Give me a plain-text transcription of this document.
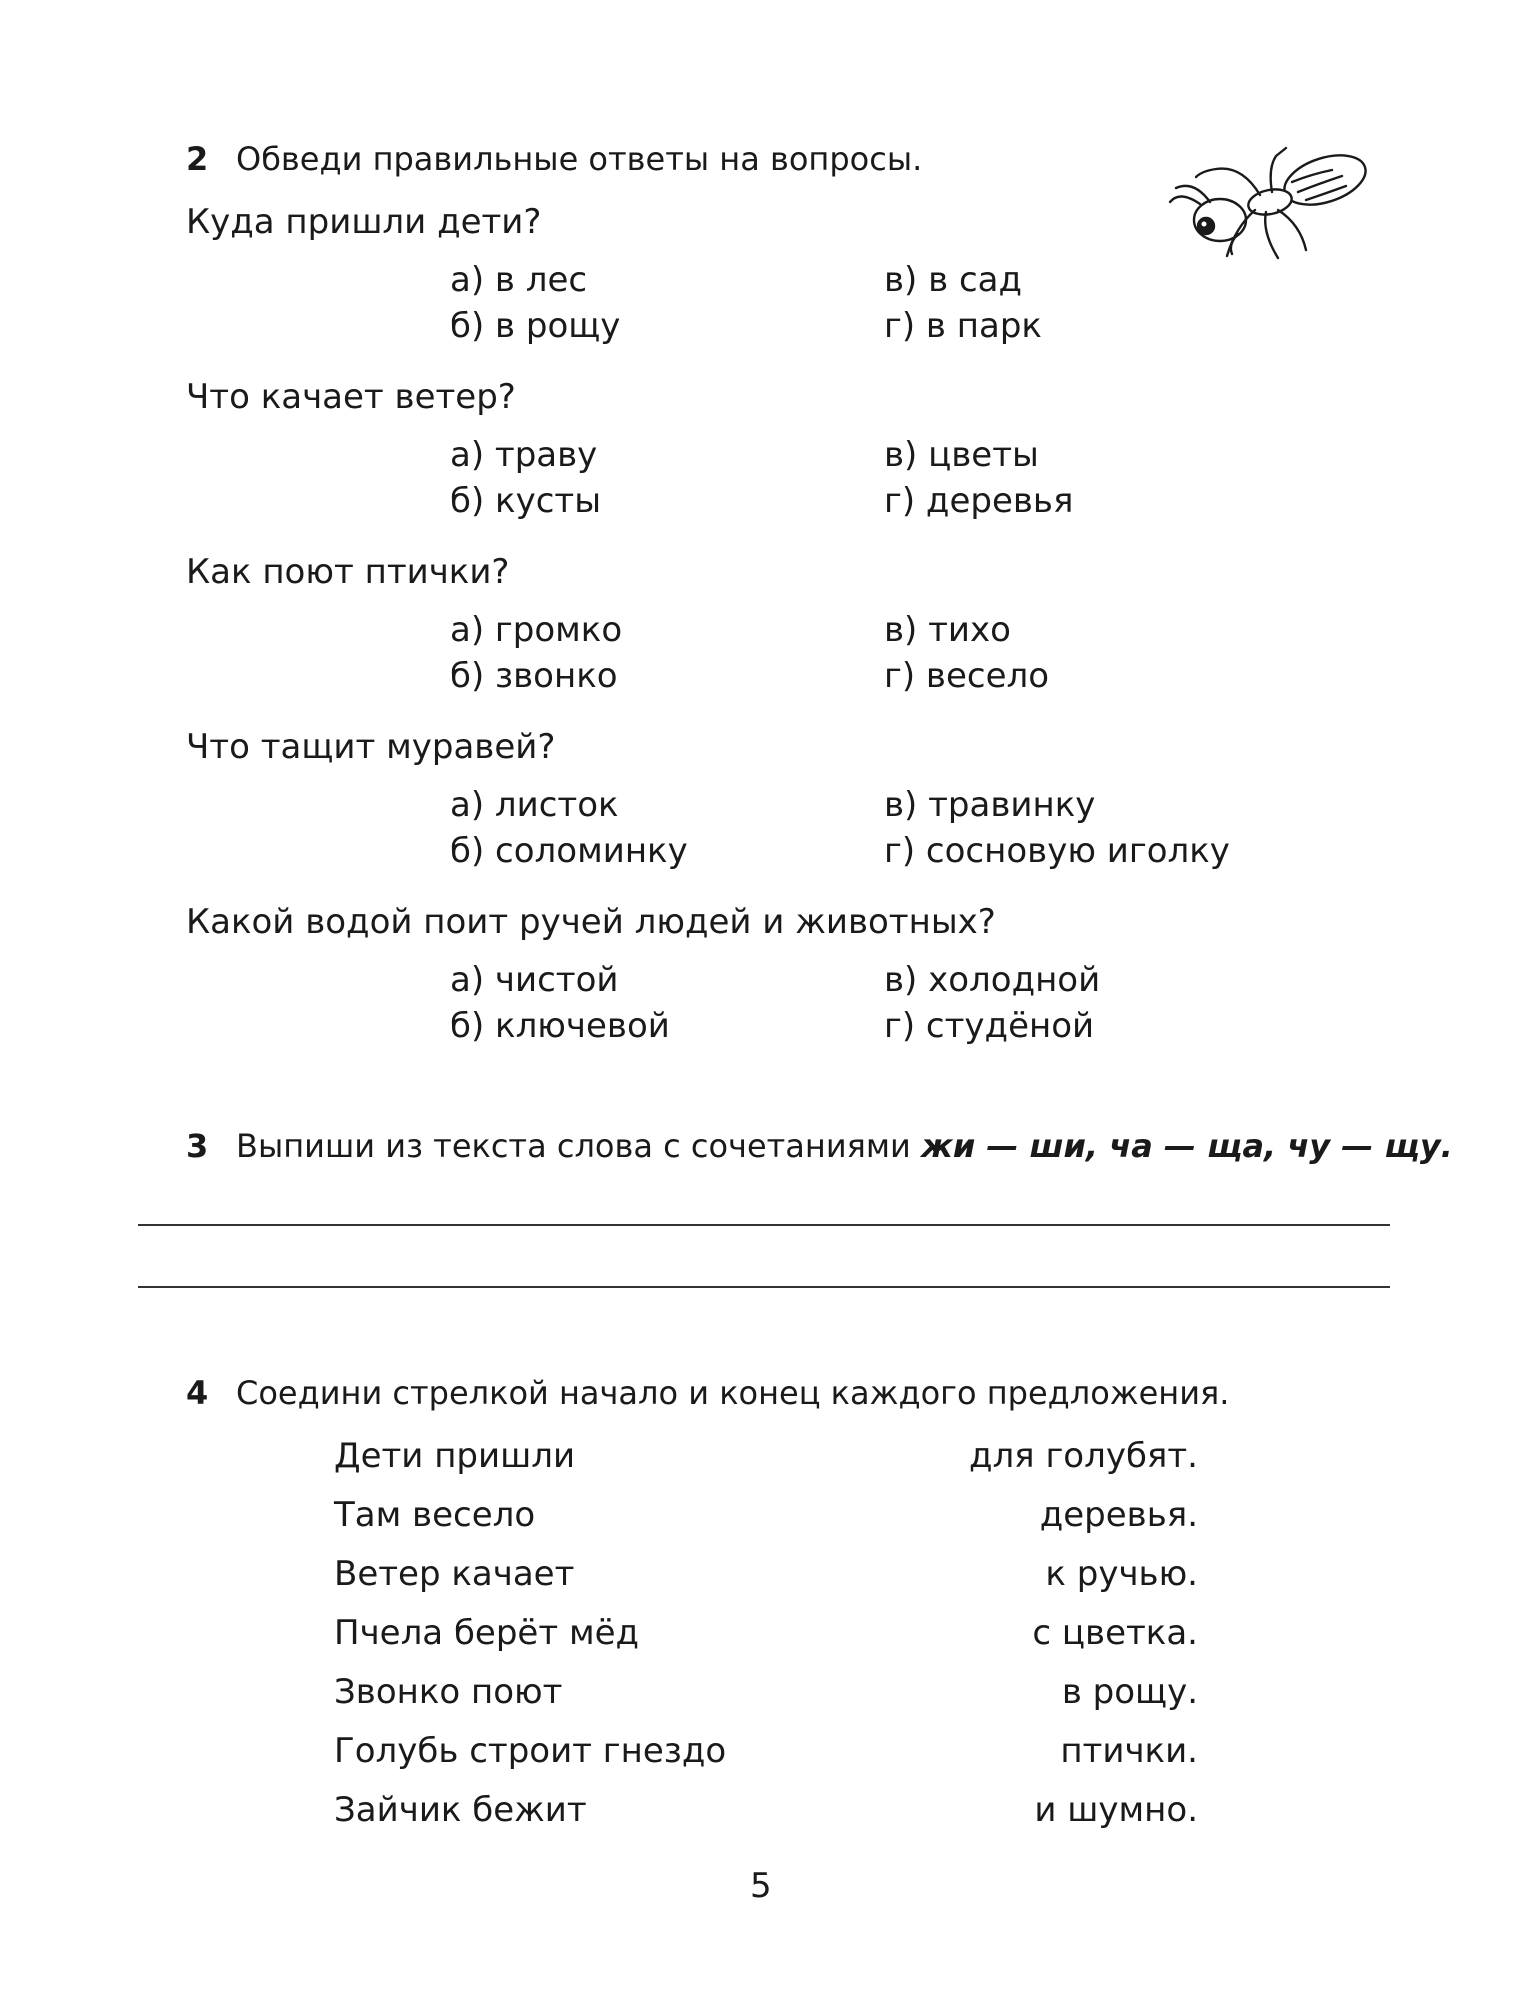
2 Обведи правильные ответы на вопросы.
Куда пришли дети?
а) в лес
б) в рощу
в) в сад
г) в парк
Что качает ветер?
а) траву
б) кусты
в) цветы
г) деревья
Как поют птички?
а) громко
б) звонко
в) тихо
г) весело
Что тащит муравей?
а) листок
б) соломинку
в) травинку
г) сосновую иголку
Какой водой поит ручей людей и животных?
а) чистой
б) ключевой
в) холодной
г) студёной
3 Выпиши из текста слова с сочетаниями жи — ши, ча — ща, чу — щу.
4 Соедини стрелкой начало и конец каждого предложения.
Дети пришли
Там весело
Ветер качает
Пчела берёт мёд
Звонко поют
Голубь строит гнездо
Зайчик бежит
для голубят.
деревья.
к ручью.
с цветка.
в рощу.
птички.
и шумно.
5
